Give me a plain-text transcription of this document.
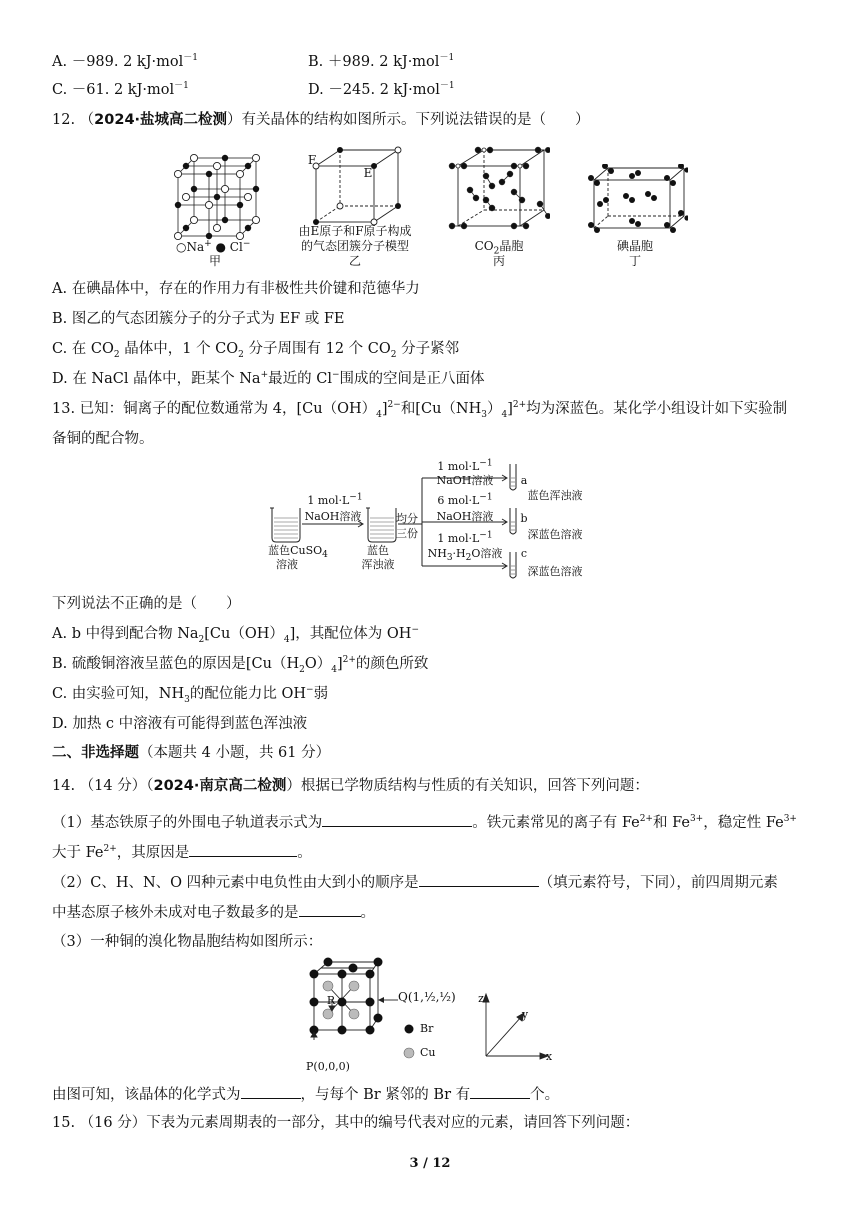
A. －989. 2 kJ·mol$^{-1}$	B. ＋989. 2 kJ·mol$^{-1}$
C. －61. 2 kJ·mol$^{-1}$	D. －245. 2 kJ·mol$^{-1}$
12. （2024·盐城高二检测）有关晶体的结构如图所示。下列说法错误的是（　　）
○Na+ ● Cl−
甲
F
E
由E原子和F原子构成
的气态团簇分子模型
乙
$CO_2$晶胞
丙
碘晶胞
丁
A. 在碘晶体中，存在的作用力有非极性共价键和范德华力
B. 图乙的气态团簇分子的分子式为 EF 或 FE
C. 在 $CO_2$ 晶体中，1 个 $CO_2$ 分子周围有 12 个 $CO_2$ 分子紧邻
D. 在 NaCl 晶体中，距某个 Na+最近的 Cl−围成的空间是正八面体
13. 已知：铜离子的配位数通常为 4，$[Cu(OH)_4]^{2-}$和$[Cu(NH_3)_4]^{2+}$均为深蓝色。某化学小组设计如下实验制
备铜的配合物。
1 $mol\cdot L^{-1}$
NaOH溶液
蓝色CuSO$_4$
溶液
均分
三份
蓝色
浑浊液
1 $mol\cdot L^{-1}$
NaOH溶液	a
蓝色浑浊液
6 $mol\cdot L^{-1}$
NaOH溶液	b
深蓝色溶液
1 $mol\cdot L^{-1}$
$NH_3\cdot H_2O$溶液	c
深蓝色溶液
下列说法不正确的是（　　）
A. b 中得到配合物 $Na_2[Cu(OH)_4]$，其配位体为 OH−
B. 硫酸铜溶液呈蓝色的原因是$[Cu(H_2O)_4]^{2+}$的颜色所致
C. 由实验可知，$NH_3$的配位能力比 OH−弱
D. 加热 c 中溶液有可能得到蓝色浑浊液
二、非选择题（本题共 4 小题，共 61 分）
14. （14 分）（2024·南京高二检测）根据已学物质结构与性质的有关知识，回答下列问题：
（1）基态铁原子的外围电子轨道表示式为	。铁元素常见的离子有 $Fe^{2+}$和 $Fe^{3+}$，稳定性 $Fe^{3+}$
大于 $Fe^{2+}$，其原因是	。
（2）C、H、N、O 四种元素中电负性由大到小的顺序是	（填元素符号，下同），前四周期元素
中基态原子核外未成对电子数最多的是	。
（3）一种铜的溴化物晶胞结构如图所示：
R	Q(1,½,½)
P(0,0,0)
Br
Cu
z
y
x
由图可知，该晶体的化学式为	，与每个 Br 紧邻的 Br 有	个。
15. （16 分）下表为元素周期表的一部分，其中的编号代表对应的元素，请回答下列问题：
3 / 12
